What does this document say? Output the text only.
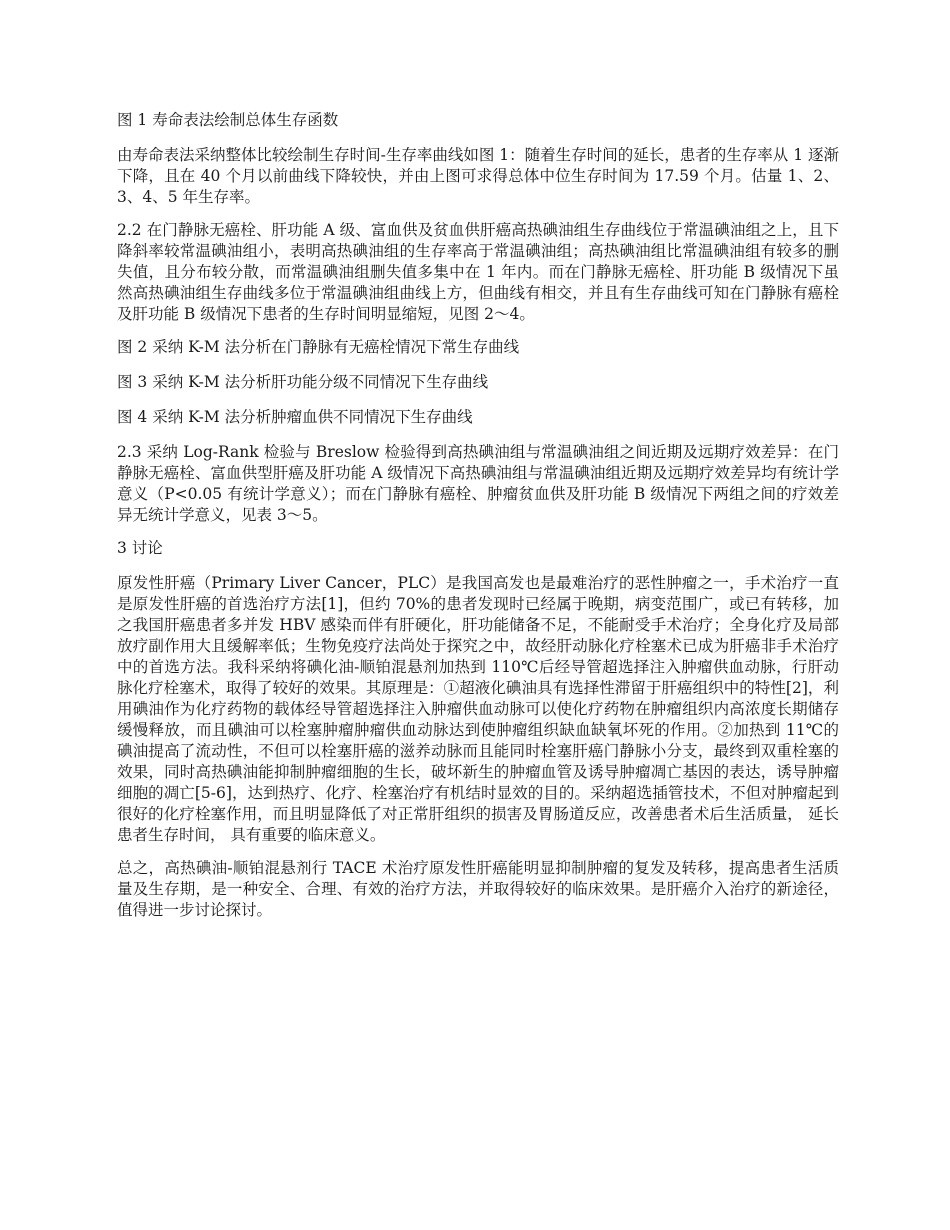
图 1 寿命表法绘制总体生存函数

由寿命表法采纳整体比较绘制生存时间-生存率曲线如图 1：随着生存时间的延长，患者的生存率从 1 逐渐下降，且在 40 个月以前曲线下降较快，并由上图可求得总体中位生存时间为 17.59 个月。估量 1、2、3、4、5 年生存率。

2.2 在门静脉无癌栓、肝功能 A 级、富血供及贫血供肝癌高热碘油组生存曲线位于常温碘油组之上，且下降斜率较常温碘油组小，表明高热碘油组的生存率高于常温碘油组；高热碘油组比常温碘油组有较多的删失值，且分布较分散，而常温碘油组删失值多集中在 1 年内。而在门静脉无癌栓、肝功能 B 级情况下虽然高热碘油组生存曲线多位于常温碘油组曲线上方，但曲线有相交，并且有生存曲线可知在门静脉有癌栓及肝功能 B 级情况下患者的生存时间明显缩短，见图 2～4。

图 2 采纳 K-M 法分析在门静脉有无癌栓情况下常生存曲线

图 3 采纳 K-M 法分析肝功能分级不同情况下生存曲线

图 4 采纳 K-M 法分析肿瘤血供不同情况下生存曲线

2.3 采纳 Log-Rank 检验与 Breslow 检验得到高热碘油组与常温碘油组之间近期及远期疗效差异：在门静脉无癌栓、富血供型肝癌及肝功能 A 级情况下高热碘油组与常温碘油组近期及远期疗效差异均有统计学意义（P<0.05 有统计学意义）；而在门静脉有癌栓、肿瘤贫血供及肝功能 B 级情况下两组之间的疗效差异无统计学意义，见表 3～5。

3 讨论

原发性肝癌（Primary Liver Cancer，PLC）是我国高发也是最难治疗的恶性肿瘤之一，手术治疗一直是原发性肝癌的首选治疗方法[1]，但约 70%的患者发现时已经属于晚期，病变范围广，或已有转移，加之我国肝癌患者多并发 HBV 感染而伴有肝硬化，肝功能储备不足，不能耐受手术治疗；全身化疗及局部放疗副作用大且缓解率低；生物免疫疗法尚处于探究之中，故经肝动脉化疗栓塞术已成为肝癌非手术治疗中的首选方法。我科采纳将碘化油-顺铂混悬剂加热到 110℃后经导管超选择注入肿瘤供血动脉，行肝动脉化疗栓塞术，取得了较好的效果。其原理是：①超液化碘油具有选择性滞留于肝癌组织中的特性[2]，利用碘油作为化疗药物的载体经导管超选择注入肿瘤供血动脉可以使化疗药物在肿瘤组织内高浓度长期储存缓慢释放，而且碘油可以栓塞肿瘤肿瘤供血动脉达到使肿瘤组织缺血缺氧坏死的作用。②加热到 11℃的碘油提高了流动性，不但可以栓塞肝癌的滋养动脉而且能同时栓塞肝癌门静脉小分支，最终到双重栓塞的效果，同时高热碘油能抑制肿瘤细胞的生长，破坏新生的肿瘤血管及诱导肿瘤凋亡基因的表达，诱导肿瘤细胞的凋亡[5-6]，达到热疗、化疗、栓塞治疗有机结时显效的目的。采纳超选插管技术，不但对肿瘤起到很好的化疗栓塞作用，而且明显降低了对正常肝组织的损害及胃肠道反应，改善患者术后生活质量， 延长患者生存时间， 具有重要的临床意义。

总之，高热碘油-顺铂混悬剂行 TACE 术治疗原发性肝癌能明显抑制肿瘤的复发及转移，提高患者生活质量及生存期，是一种安全、合理、有效的治疗方法，并取得较好的临床效果。是肝癌介入治疗的新途径，值得进一步讨论探讨。
